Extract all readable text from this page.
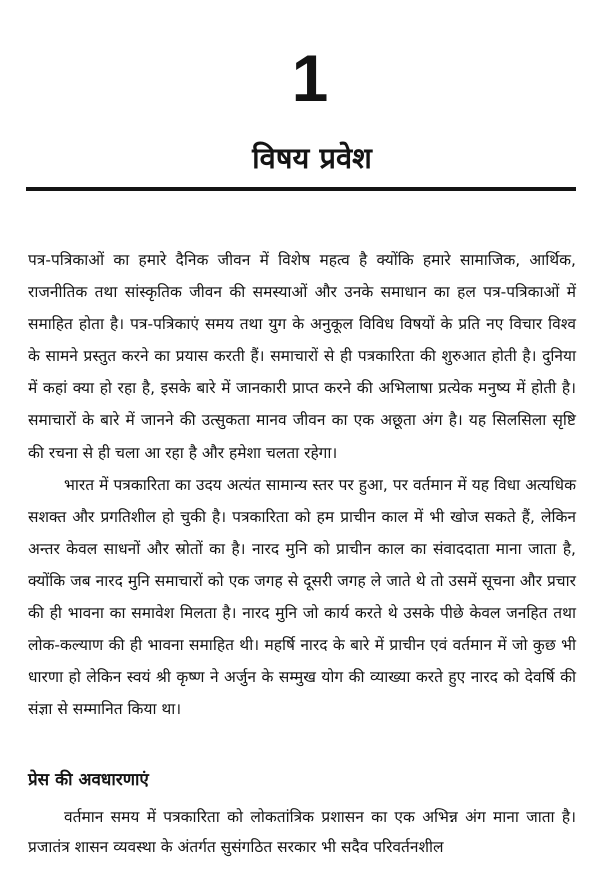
1
विषय प्रवेश

पत्र-पत्रिकाओं का हमारे दैनिक जीवन में विशेष महत्व है क्योंकि हमारे सामाजिक, आर्थिक, राजनीतिक तथा सांस्कृतिक जीवन की समस्याओं और उनके समाधान का हल पत्र-पत्रिकाओं में समाहित होता है। पत्र-पत्रिकाएं समय तथा युग के अनुकूल विविध विषयों के प्रति नए विचार विश्व के सामने प्रस्तुत करने का प्रयास करती हैं। समाचारों से ही पत्रकारिता की शुरुआत होती है। दुनिया में कहां क्या हो रहा है, इसके बारे में जानकारी प्राप्त करने की अभिलाषा प्रत्येक मनुष्य में होती है। समाचारों के बारे में जानने की उत्सुकता मानव जीवन का एक अछूता अंग है। यह सिलसिला सृष्टि की रचना से ही चला आ रहा है और हमेशा चलता रहेगा।

भारत में पत्रकारिता का उदय अत्यंत सामान्य स्तर पर हुआ, पर वर्तमान में यह विधा अत्यधिक सशक्त और प्रगतिशील हो चुकी है। पत्रकारिता को हम प्राचीन काल में भी खोज सकते हैं, लेकिन अन्तर केवल साधनों और स्रोतों का है। नारद मुनि को प्राचीन काल का संवाददाता माना जाता है, क्योंकि जब नारद मुनि समाचारों को एक जगह से दूसरी जगह ले जाते थे तो उसमें सूचना और प्रचार की ही भावना का समावेश मिलता है। नारद मुनि जो कार्य करते थे उसके पीछे केवल जनहित तथा लोक-कल्याण की ही भावना समाहित थी। महर्षि नारद के बारे में प्राचीन एवं वर्तमान में जो कुछ भी धारणा हो लेकिन स्वयं श्री कृष्ण ने अर्जुन के सम्मुख योग की व्याख्या करते हुए नारद को देवर्षि की संज्ञा से सम्मानित किया था।

प्रेस की अवधारणाएं

वर्तमान समय में पत्रकारिता को लोकतांत्रिक प्रशासन का एक अभिन्न अंग माना जाता है। प्रजातंत्र शासन व्यवस्था के अंतर्गत सुसंगठित सरकार भी सदैव परिवर्तनशील
